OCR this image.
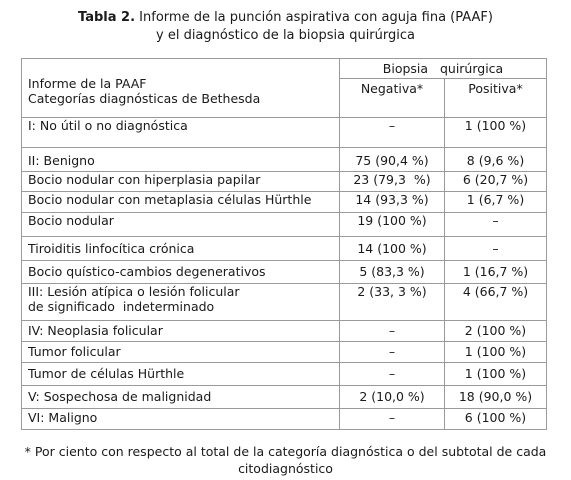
Tabla 2. Informe de la punción aspirativa con aguja fina (PAAF)
y el diagnóstico de la biopsia quirúrgica
Informe de la PAAF
Categorías diagnósticas de Bethesda	Biopsia   quirúrgica	
	Negativa*	Positiva*
I: No útil o no diagnóstica	–	1 (100 %)
II: Benigno	75 (90,4 %)	8 (9,6 %)
Bocio nodular con hiperplasia papilar	23 (79,3  %)	6 (20,7 %)
Bocio nodular con metaplasia células Hürthle	14 (93,3 %)	1 (6,7 %)
Bocio nodular	19 (100 %)	–
Tiroiditis linfocítica crónica	14 (100 %)	–
Bocio quístico-cambios degenerativos	5 (83,3 %)	1 (16,7 %)

III: Lesión atípica o lesión folicular
de significado  indeterminado	2 (33, 3 %)	4 (66,7 %)
IV: Neoplasia folicular	–	2 (100 %)
Tumor folicular	–	1 (100 %)
Tumor de células Hürthle	–	1 (100 %)
V: Sospechosa de malignidad	2 (10,0 %)	18 (90,0 %)
VI: Maligno	–	6 (100 %)
* Por ciento con respecto al total de la categoría diagnóstica o del subtotal de cada
citodiagnóstico
